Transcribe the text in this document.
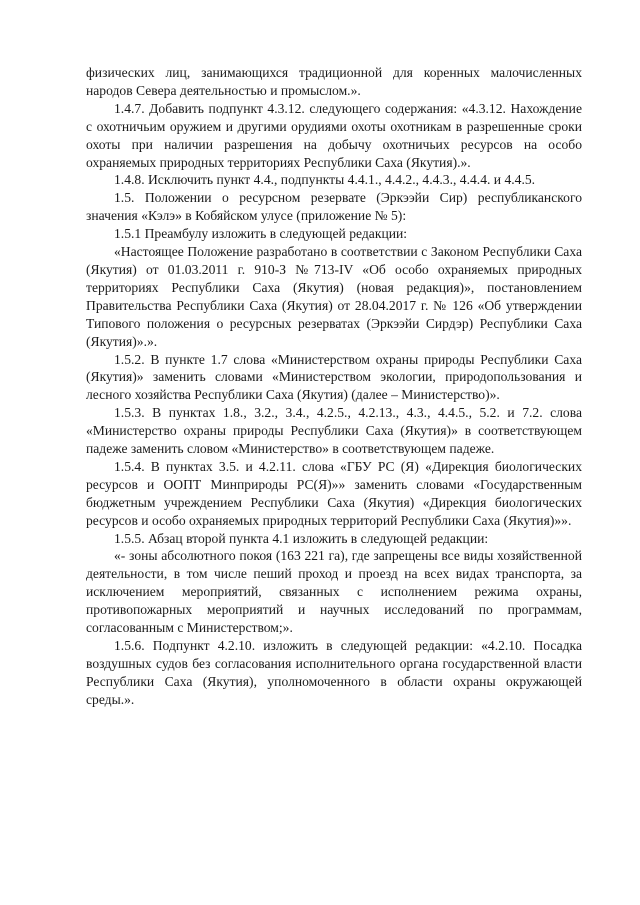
физических лиц, занимающихся традиционной для коренных малочисленных народов Севера деятельностью и промыслом.».

1.4.7. Добавить подпункт 4.3.12. следующего содержания: «4.3.12. Нахождение с охотничьим оружием и другими орудиями охоты охотникам в разрешенные сроки охоты при наличии разрешения на добычу охотничьих ресурсов на особо охраняемых природных территориях Республики Саха (Якутия).».

1.4.8. Исключить пункт 4.4., подпункты 4.4.1., 4.4.2., 4.4.3., 4.4.4. и 4.4.5.

1.5. Положении о ресурсном резервате (Эркээйи Сир) республиканского значения «Кэлэ» в Кобяйском улусе (приложение № 5):

1.5.1 Преамбулу изложить в следующей редакции:

«Настоящее Положение разработано в соответствии с Законом Республики Саха (Якутия) от 01.03.2011 г. 910-З №713-IV «Об особо охраняемых природных территориях Республики Саха (Якутия) (новая редакция)», постановлением Правительства Республики Саха (Якутия) от 28.04.2017 г. № 126 «Об утверждении Типового положения о ресурсных резерватах (Эркээйи Сирдэр) Республики Саха (Якутия)».».

1.5.2. В пункте 1.7 слова «Министерством охраны природы Республики Саха (Якутия)» заменить словами «Министерством экологии, природопользования и лесного хозяйства Республики Саха (Якутия) (далее – Министерство)».

1.5.3. В пунктах 1.8., 3.2., 3.4., 4.2.5., 4.2.13., 4.3., 4.4.5., 5.2. и 7.2. слова «Министерство охраны природы Республики Саха (Якутия)» в соответствующем падеже заменить словом «Министерство» в соответствующем падеже.

1.5.4. В пунктах 3.5. и 4.2.11. слова «ГБУ РС (Я) «Дирекция биологических ресурсов и ООПТ Минприроды РС(Я)»» заменить словами «Государственным бюджетным учреждением Республики Саха (Якутия) «Дирекция биологических ресурсов и особо охраняемых природных территорий Республики Саха (Якутия)»».

1.5.5. Абзац второй пункта 4.1 изложить в следующей редакции:

«- зоны абсолютного покоя (163 221 га), где запрещены все виды хозяйственной деятельности, в том числе пеший проход и проезд на всех видах транспорта, за исключением мероприятий, связанных с исполнением режима охраны, противопожарных мероприятий и научных исследований по программам, согласованным с Министерством;».

1.5.6. Подпункт 4.2.10. изложить в следующей редакции: «4.2.10. Посадка воздушных судов без согласования исполнительного органа государственной власти Республики Саха (Якутия), уполномоченного в области охраны окружающей среды.».
